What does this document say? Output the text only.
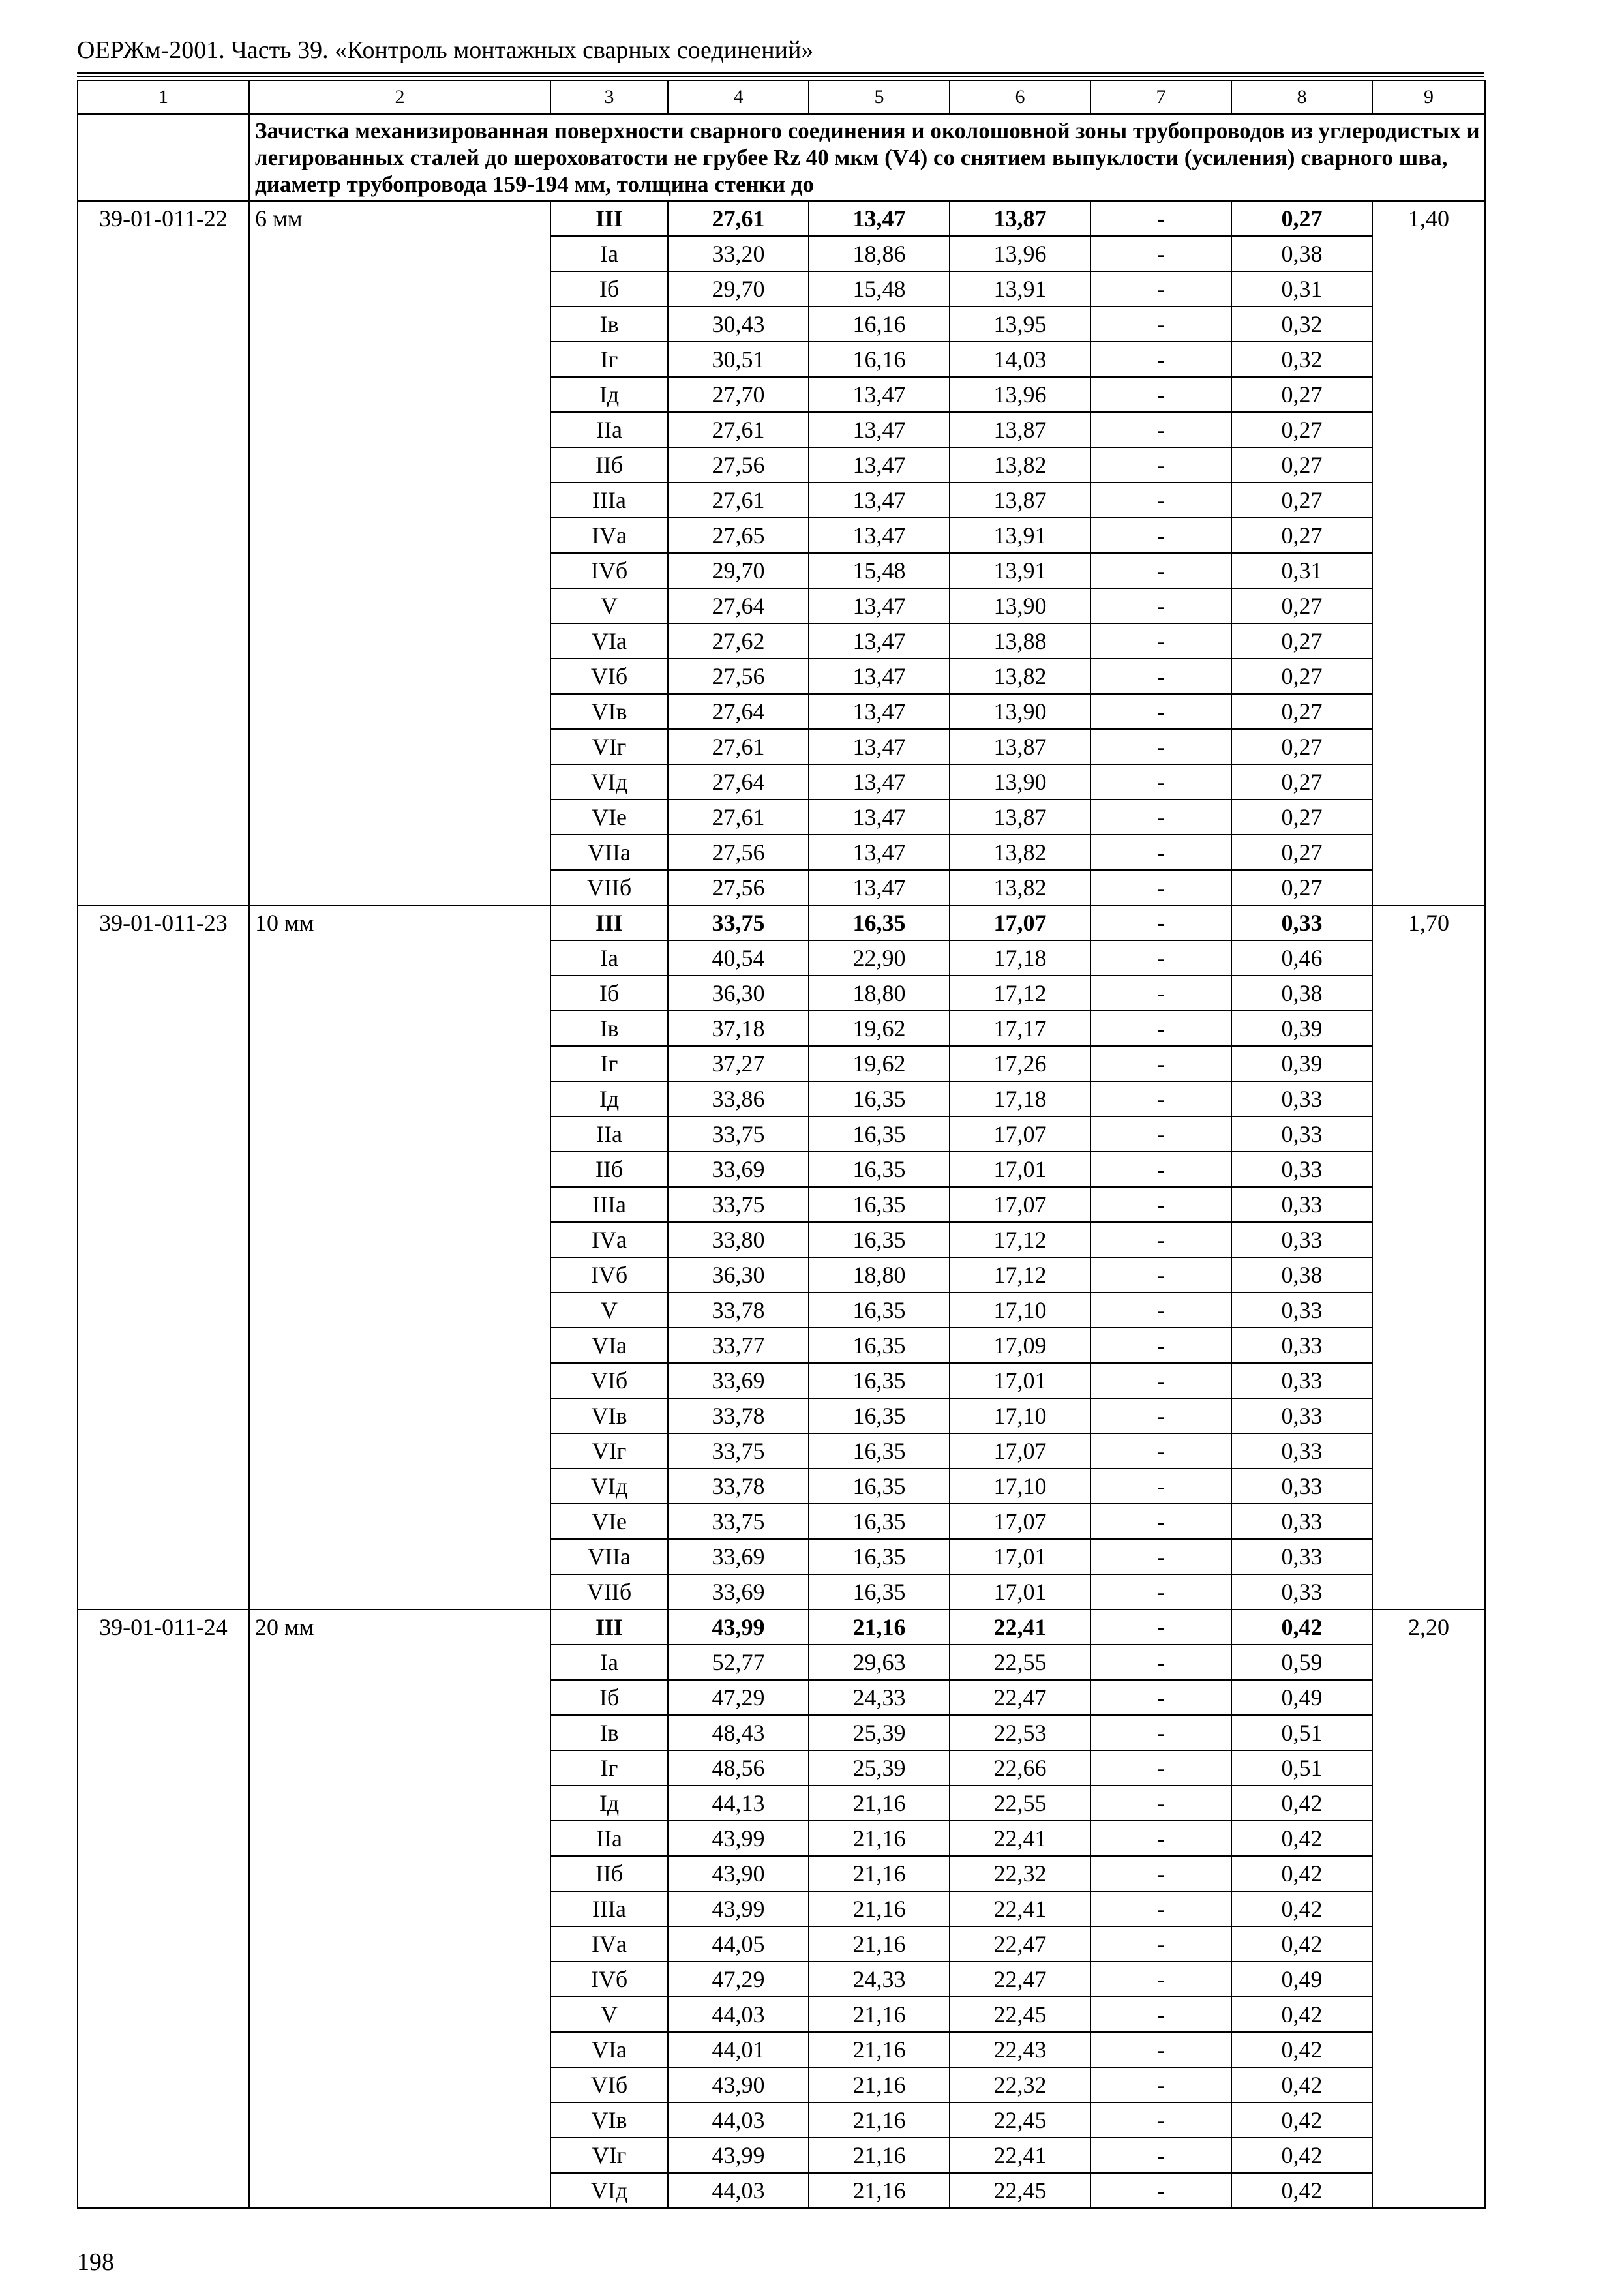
ОЕРЖм-2001. Часть 39. «Контроль монтажных сварных соединений»
1	2	3	4	5	6	7	8	9
	Зачистка механизированная поверхности сварного соединения и околошовной зоны трубопроводов из углеродистых и легированных сталей до шероховатости не грубее Rz 40 мкм (V4) со снятием выпуклости (усиления) сварного шва, диаметр трубопровода 159-194 мм, толщина стенки до							
39-01-011-22	6 мм	III	27,61	13,47	13,87	-	0,27	1,40
		Iа	33,20	18,86	13,96	-	0,38	
		Iб	29,70	15,48	13,91	-	0,31	
		Iв	30,43	16,16	13,95	-	0,32	
		Iг	30,51	16,16	14,03	-	0,32	
		Iд	27,70	13,47	13,96	-	0,27	
		IIа	27,61	13,47	13,87	-	0,27	
		IIб	27,56	13,47	13,82	-	0,27	
		IIIа	27,61	13,47	13,87	-	0,27	
		IVа	27,65	13,47	13,91	-	0,27	
		IVб	29,70	15,48	13,91	-	0,31	
		V	27,64	13,47	13,90	-	0,27	
		VIа	27,62	13,47	13,88	-	0,27	
		VIб	27,56	13,47	13,82	-	0,27	
		VIв	27,64	13,47	13,90	-	0,27	
		VIг	27,61	13,47	13,87	-	0,27	
		VIд	27,64	13,47	13,90	-	0,27	
		VIе	27,61	13,47	13,87	-	0,27	
		VIIа	27,56	13,47	13,82	-	0,27	
		VIIб	27,56	13,47	13,82	-	0,27	
39-01-011-23	10 мм	III	33,75	16,35	17,07	-	0,33	1,70
		Iа	40,54	22,90	17,18	-	0,46	
		Iб	36,30	18,80	17,12	-	0,38	
		Iв	37,18	19,62	17,17	-	0,39	
		Iг	37,27	19,62	17,26	-	0,39	
		Iд	33,86	16,35	17,18	-	0,33	
		IIа	33,75	16,35	17,07	-	0,33	
		IIб	33,69	16,35	17,01	-	0,33	
		IIIа	33,75	16,35	17,07	-	0,33	
		IVа	33,80	16,35	17,12	-	0,33	
		IVб	36,30	18,80	17,12	-	0,38	
		V	33,78	16,35	17,10	-	0,33	
		VIа	33,77	16,35	17,09	-	0,33	
		VIб	33,69	16,35	17,01	-	0,33	
		VIв	33,78	16,35	17,10	-	0,33	
		VIг	33,75	16,35	17,07	-	0,33	
		VIд	33,78	16,35	17,10	-	0,33	
		VIе	33,75	16,35	17,07	-	0,33	
		VIIа	33,69	16,35	17,01	-	0,33	
		VIIб	33,69	16,35	17,01	-	0,33	
39-01-011-24	20 мм	III	43,99	21,16	22,41	-	0,42	2,20
		Iа	52,77	29,63	22,55	-	0,59	
		Iб	47,29	24,33	22,47	-	0,49	
		Iв	48,43	25,39	22,53	-	0,51	
		Iг	48,56	25,39	22,66	-	0,51	
		Iд	44,13	21,16	22,55	-	0,42	
		IIа	43,99	21,16	22,41	-	0,42	
		IIб	43,90	21,16	22,32	-	0,42	
		IIIа	43,99	21,16	22,41	-	0,42	
		IVа	44,05	21,16	22,47	-	0,42	
		IVб	47,29	24,33	22,47	-	0,49	
		V	44,03	21,16	22,45	-	0,42	
		VIа	44,01	21,16	22,43	-	0,42	
		VIб	43,90	21,16	22,32	-	0,42	
		VIв	44,03	21,16	22,45	-	0,42	
		VIг	43,99	21,16	22,41	-	0,42	
		VIд	44,03	21,16	22,45	-	0,42	
198
